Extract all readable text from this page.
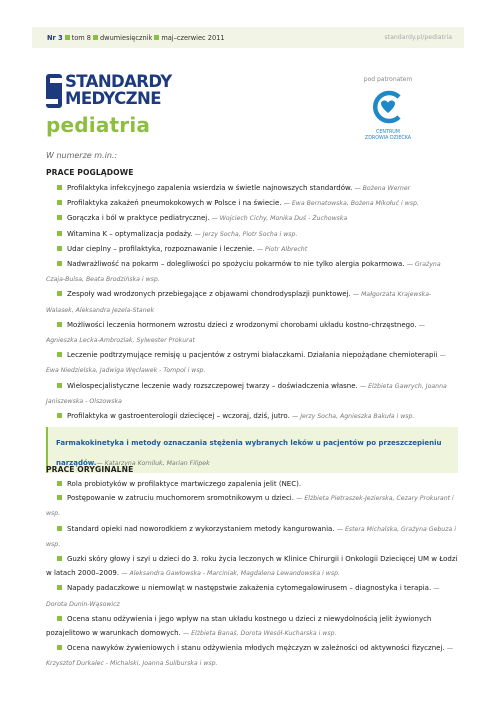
Nr 3 tom 8 dwumiesięcznik maj–czerwiec 2011	standardy.pl/pediatria
STANDARDY
MEDYCZNE
pediatria
pod patronatem
CENTRUM
ZDROWIA DZIECKA
W numerze m.in.:
PRACE POGLĄDOWE
Profilaktyka infekcyjnego zapalenia wsierdzia w świetle najnowszych standardów. — Bożena Werner
Profilaktyka zakażeń pneumokokowych w Polsce i na świecie. — Ewa Bernatowska, Bożena Mikołuć i wsp.
Gorączka i ból w praktyce pediatrycznej. — Wojciech Cichy, Monika Duś - Żuchowska
Witamina K – optymalizacja podaży. — Jerzy Socha, Piotr Socha i wsp.
Udar cieplny – profilaktyka, rozpoznawanie i leczenie. — Piotr Albrecht
Nadwrażliwość na pokarm – dolegliwości po spożyciu pokarmów to nie tylko alergia pokarmowa. — Grażyna Czaja-Bulsa, Beata Brodzińska i wsp.
Zespoły wad wrodzonych przebiegające z objawami chondrodysplazji punktowej. — Małgorzata Krajewska-Walasek, Aleksandra Jezela-Stanek
Możliwości leczenia hormonem wzrostu dzieci z wrodzonymi chorobami układu kostno-chrzęstnego. — Agnieszka Lecka-Ambroziak, Sylwester Prokurat
Leczenie podtrzymujące remisję u pacjentów z ostrymi białaczkami. Działania niepożądane chemioterapii — Ewa Niedzielska, Jadwiga Węcławek - Tompol i wsp.
Wielospecjalistyczne leczenie wady rozszczepowej twarzy – doświadczenia własne. — Elżbieta Gawrych, Joanna Janiszewska - Olszowska
Profilaktyka w gastroenterologii dziecięcej – wczoraj, dziś, jutro. — Jerzy Socha, Agnieszka Bakuła i wsp.
Farmakokinetyka i metody oznaczania stężenia wybranych leków u pacjentów po przeszczepieniu narządów.— Katarzyna Korniluk, Marian Filipek
PRACE ORYGINALNE
Rola probiotyków w profilaktyce martwiczego zapalenia jelit (NEC).
Postępowanie w zatruciu muchomorem sromotnikowym u dzieci. — Elżbieta Pietraszek-Jezierska, Cezary Prokurant i wsp.
Standard opieki nad noworodkiem z wykorzystaniem metody kangurowania. — Estera Michalska, Grażyna Gebuza i wsp.
Guzki skóry głowy i szyi u dzieci do 3. roku życia leczonych w Klinice Chirurgii i Onkologii Dziecięcej UM w Łodzi w latach 2000–2009. — Aleksandra Gawłowska - Marciniak, Magdalena Lewandowska i wsp.
Napady padaczkowe u niemowląt w następstwie zakażenia cytomegalowirusem – diagnostyka i terapia. — Dorota Dunin-Wąsowicz
Ocena stanu odżywienia i jego wpływ na stan układu kostnego u dzieci z niewydolnością jelit żywionych pozajelitowo w warunkach domowych. — Elżbieta Banaś, Dorota Wesół-Kucharska i wsp.
Ocena nawyków żywieniowych i stanu odżywienia młodych mężczyzn w zależności od aktywności fizycznej. — Krzysztof Durkalec - Michalski, Joanna Suliburska i wsp.
